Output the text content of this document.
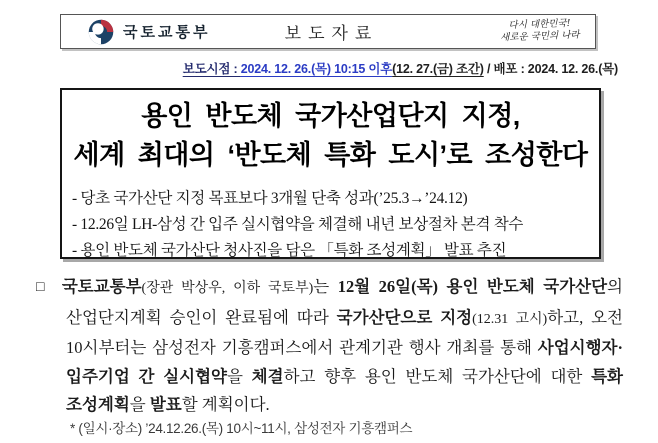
국토교통부	보도자료	다시 대한민국!
새로운 국민의 나라
보도시점 : 2024. 12. 26.(목) 10:15 이후(12. 27.(금) 조간) / 배포 : 2024. 12. 26.(목)
용인 반도체 국가산업단지 지정,
세계 최대의 ‘반도체 특화 도시’로 조성한다
- 당초 국가산단 지정 목표보다 3개월 단축 성과(’25.3→’24.12)
- 12.26일 LH-삼성 간 입주 실시협약을 체결해 내년 보상절차 본격 착수
- 용인 반도체 국가산단 청사진을 담은 「특화 조성계획」 발표 추진

□ 국토교통부(장관 박상우, 이하 국토부)는 12월 26일(목) 용인 반도체 국가산단의 산업단지계획 승인이 완료됨에 따라 국가산단으로 지정(12.31 고시)하고, 오전 10시부터는 삼성전자 기흥캠퍼스에서 관계기관 행사 개최를 통해 사업시행자·입주기업 간 실시협약을 체결하고 향후 용인 반도체 국가산단에 대한 특화 조성계획을 발표할 계획이다.

* (일시·장소) ’24.12.26.(목) 10시~11시, 삼성전자 기흥캠퍼스
